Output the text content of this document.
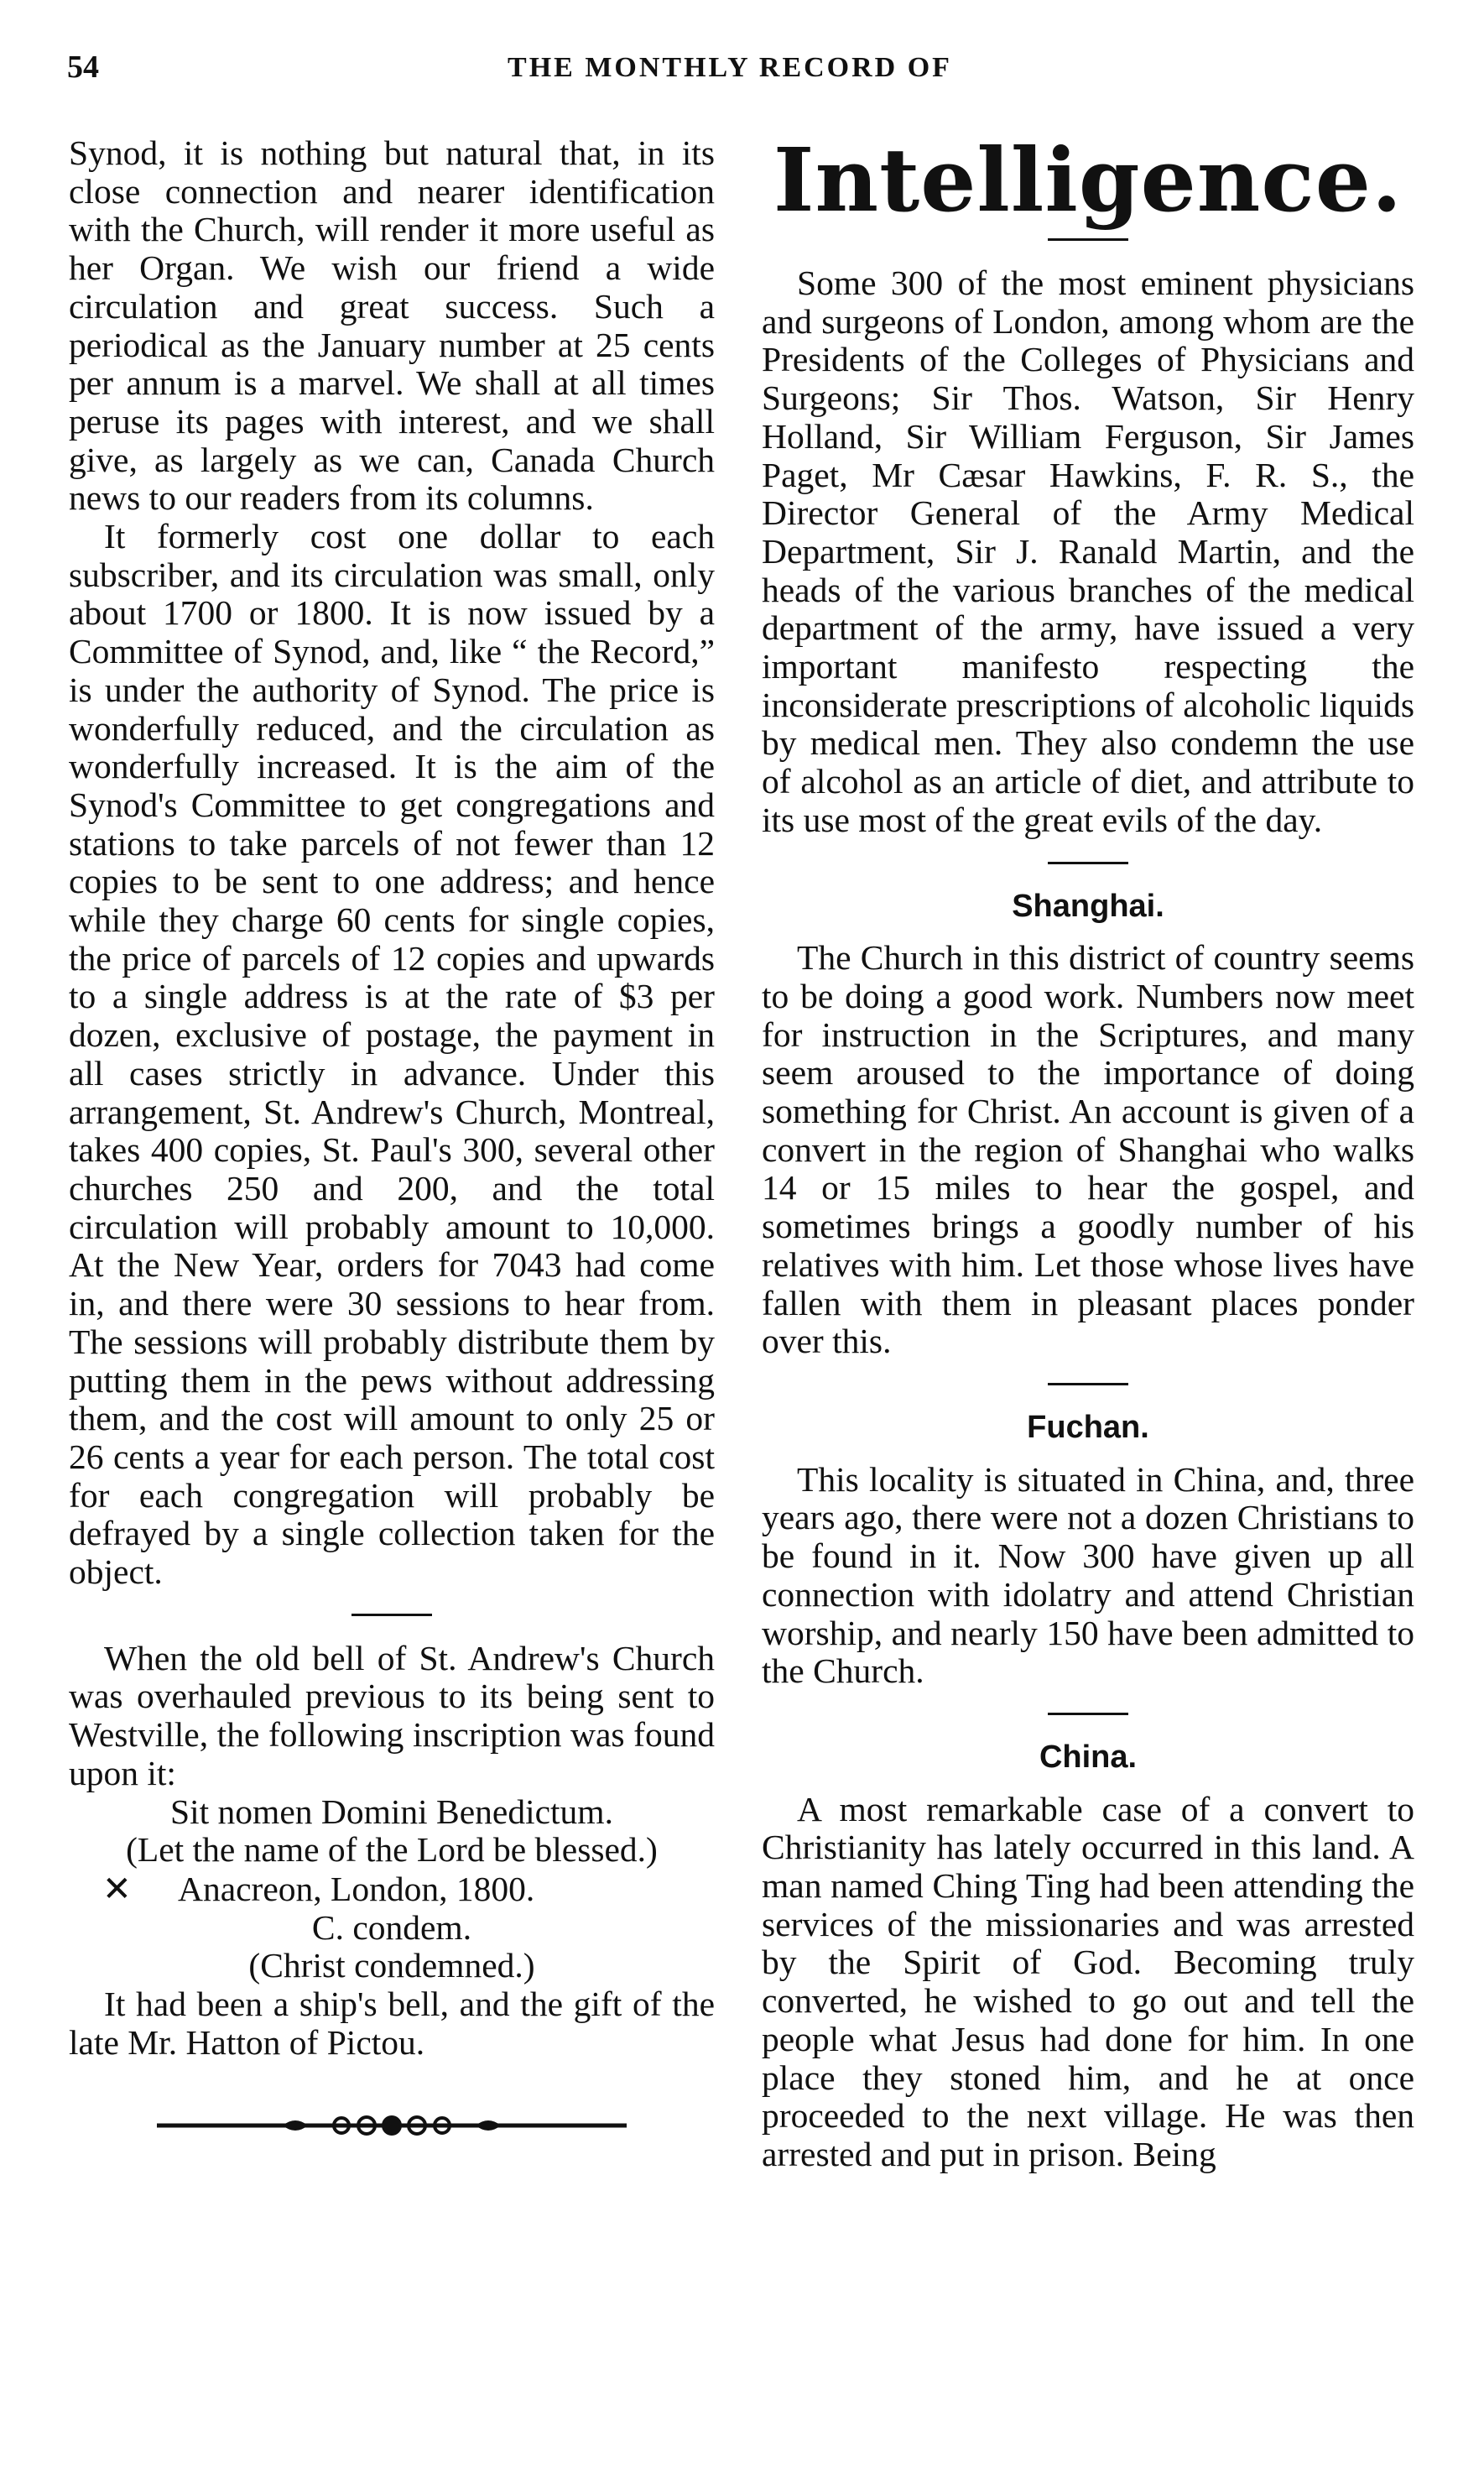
54	THE MONTHLY RECORD OF

Synod, it is nothing but natural that, in its close connection and nearer identification with the Church, will render it more useful as her Organ. We wish our friend a wide circulation and great success. Such a periodical as the January number at 25 cents per annum is a marvel. We shall at all times peruse its pages with interest, and we shall give, as largely as we can, Canada Church news to our readers from its columns.

It formerly cost one dollar to each subscriber, and its circulation was small, only about 1700 or 1800. It is now issued by a Committee of Synod, and, like “ the Record,” is under the authority of Synod. The price is wonderfully reduced, and the circulation as wonderfully increased. It is the aim of the Synod's Committee to get congregations and stations to take parcels of not fewer than 12 copies to be sent to one address; and hence while they charge 60 cents for single copies, the price of parcels of 12 copies and upwards to a single address is at the rate of $3 per dozen, exclusive of postage, the payment in all cases strictly in advance. Under this arrangement, St. Andrew's Church, Montreal, takes 400 copies, St. Paul's 300, several other churches 250 and 200, and the total circulation will probably amount to 10,000. At the New Year, orders for 7043 had come in, and there were 30 sessions to hear from. The sessions will probably distribute them by putting them in the pews without addressing them, and the cost will amount to only 25 or 26 cents a year for each person. The total cost for each congregation will probably be defrayed by a single collection taken for the object.

When the old bell of St. Andrew's Church was overhauled previous to its being sent to Westville, the following inscription was found upon it:

Sit nomen Domini Benedictum.
(Let the name of the Lord be blessed.)
✕ Anacreon, London, 1800.
C. condem.
(Christ condemned.)

It had been a ship's bell, and the gift of the late Mr. Hatton of Pictou.

Intelligence.

Some 300 of the most eminent physicians and surgeons of London, among whom are the Presidents of the Colleges of Physicians and Surgeons; Sir Thos. Watson, Sir Henry Holland, Sir William Ferguson, Sir James Paget, Mr Cæsar Hawkins, F. R. S., the Director General of the Army Medical Department, Sir J. Ranald Martin, and the heads of the various branches of the medical department of the army, have issued a very important manifesto respecting the inconsiderate prescriptions of alcoholic liquids by medical men. They also condemn the use of alcohol as an article of diet, and attribute to its use most of the great evils of the day.

Shanghai.

The Church in this district of country seems to be doing a good work. Numbers now meet for instruction in the Scriptures, and many seem aroused to the importance of doing something for Christ. An account is given of a convert in the region of Shanghai who walks 14 or 15 miles to hear the gospel, and sometimes brings a goodly number of his relatives with him. Let those whose lives have fallen with them in pleasant places ponder over this.

Fuchan.

This locality is situated in China, and, three years ago, there were not a dozen Christians to be found in it. Now 300 have given up all connection with idolatry and attend Christian worship, and nearly 150 have been admitted to the Church.

China.

A most remarkable case of a convert to Christianity has lately occurred in this land. A man named Ching Ting had been attending the services of the missionaries and was arrested by the Spirit of God. Becoming truly converted, he wished to go out and tell the people what Jesus had done for him. In one place they stoned him, and he at once proceeded to the next village. He was then arrested and put in prison. Being
